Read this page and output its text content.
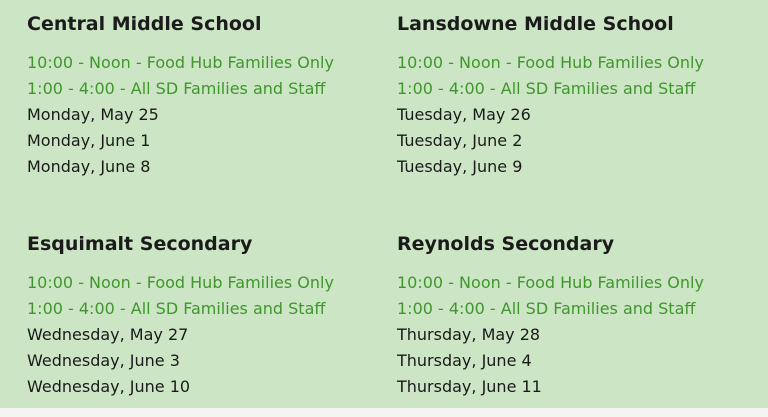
Central Middle School
10:00 - Noon - Food Hub Families Only
1:00 - 4:00 - All SD Families and Staff
Monday, May 25
Monday, June 1
Monday, June 8
Lansdowne Middle School
10:00 - Noon - Food Hub Families Only
1:00 - 4:00 - All SD Families and Staff
Tuesday, May 26
Tuesday, June 2
Tuesday, June 9
Esquimalt Secondary
10:00 - Noon - Food Hub Families Only
1:00 - 4:00 - All SD Families and Staff
Wednesday, May 27
Wednesday, June 3
Wednesday, June 10
Reynolds Secondary
10:00 - Noon - Food Hub Families Only
1:00 - 4:00 - All SD Families and Staff
Thursday, May 28
Thursday, June 4
Thursday, June 11
